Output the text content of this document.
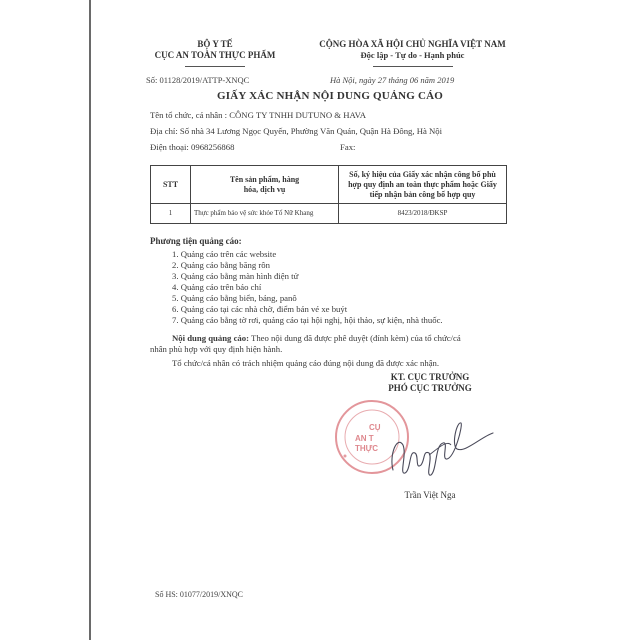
BỘ Y TẾ
CỤC AN TOÀN THỰC PHẨM
CỘNG HÒA XÃ HỘI CHỦ NGHĨA VIỆT NAM
Độc lập - Tự do - Hạnh phúc
Số: 01128/2019/ATTP-XNQC	Hà Nội, ngày 27 tháng 06 năm 2019
GIẤY XÁC NHẬN NỘI DUNG QUẢNG CÁO
Tên tổ chức, cá nhân : CÔNG TY TNHH DUTUNO & HAVA
Địa chỉ: Số nhà 34 Lương Ngọc Quyến, Phường Văn Quán, Quận Hà Đông, Hà Nội
Điện thoại: 0968256868	Fax:
STT	Tên sản phẩm, hàng hóa, dịch vụ	Số, ký hiệu của Giấy xác nhận công bố phù hợp quy định an toàn thực phẩm hoặc Giấy tiếp nhận bản công bố hợp quy
1	Thực phẩm bảo vệ sức khỏe Tố Nữ Khang	8423/2018/ĐKSP
Phương tiện quảng cáo:
1. Quảng cáo trên các website
2. Quảng cáo bằng băng rôn
3. Quảng cáo bằng màn hình điện tử
4. Quảng cáo trên báo chí
5. Quảng cáo bằng biển, bảng, panô
6. Quảng cáo tại các nhà chờ, điểm bán vé xe buýt
7. Quảng cáo bằng tờ rơi, quảng cáo tại hội nghị, hội thảo, sự kiện, nhà thuốc.
Nội dung quảng cáo: Theo nội dung đã được phê duyệt (đính kèm) của tổ chức/cá
nhân phù hợp với quy định hiện hành.
Tổ chức/cá nhân có trách nhiệm quảng cáo đúng nội dung đã được xác nhận.
KT. CỤC TRƯỞNG
PHÓ CỤC TRƯỞNG
CỤ
AN T
THỰC
Trần Việt Nga
Số HS: 01077/2019/XNQC
